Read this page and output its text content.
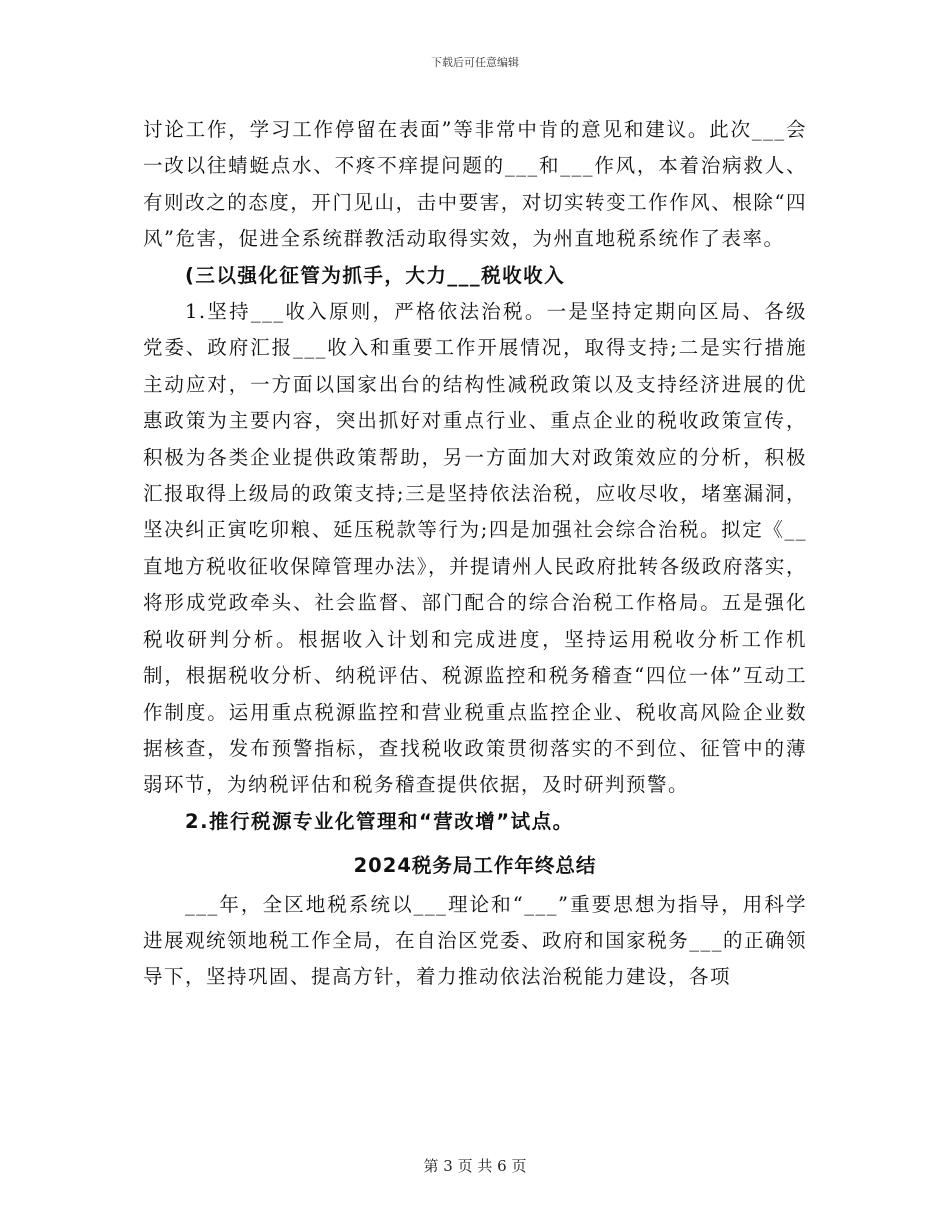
下载后可任意编辑

讨论工作，学习工作停留在表面”等非常中肯的意见和建议。此次___会一改以往蜻蜓点水、不疼不痒提问题的___和___作风，本着治病救人、有则改之的态度，开门见山，击中要害，对切实转变工作作风、根除“四风”危害，促进全系统群教活动取得实效，为州直地税系统作了表率。

(三以强化征管为抓手，大力___税收收入

1.坚持___收入原则，严格依法治税。一是坚持定期向区局、各级党委、政府汇报___收入和重要工作开展情况，取得支持;二是实行措施主动应对，一方面以国家出台的结构性减税政策以及支持经济进展的优惠政策为主要内容，突出抓好对重点行业、重点企业的税收政策宣传，积极为各类企业提供政策帮助，另一方面加大对政策效应的分析，积极汇报取得上级局的政策支持;三是坚持依法治税，应收尽收，堵塞漏洞，坚决纠正寅吃卯粮、延压税款等行为;四是加强社会综合治税。拟定《__直地方税收征收保障管理办法》，并提请州人民政府批转各级政府落实，将形成党政牵头、社会监督、部门配合的综合治税工作格局。五是强化税收研判分析。根据收入计划和完成进度，坚持运用税收分析工作机制，根据税收分析、纳税评估、税源监控和税务稽查“四位一体”互动工作制度。运用重点税源监控和营业税重点监控企业、税收高风险企业数据核查，发布预警指标，查找税收政策贯彻落实的不到位、征管中的薄弱环节，为纳税评估和税务稽查提供依据，及时研判预警。

2.推行税源专业化管理和“营改增”试点。

2024税务局工作年终总结

___年，全区地税系统以___理论和“___”重要思想为指导，用科学进展观统领地税工作全局，在自治区党委、政府和国家税务___的正确领导下，坚持巩固、提高方针，着力推动依法治税能力建设，各项

第 3 页 共 6 页
